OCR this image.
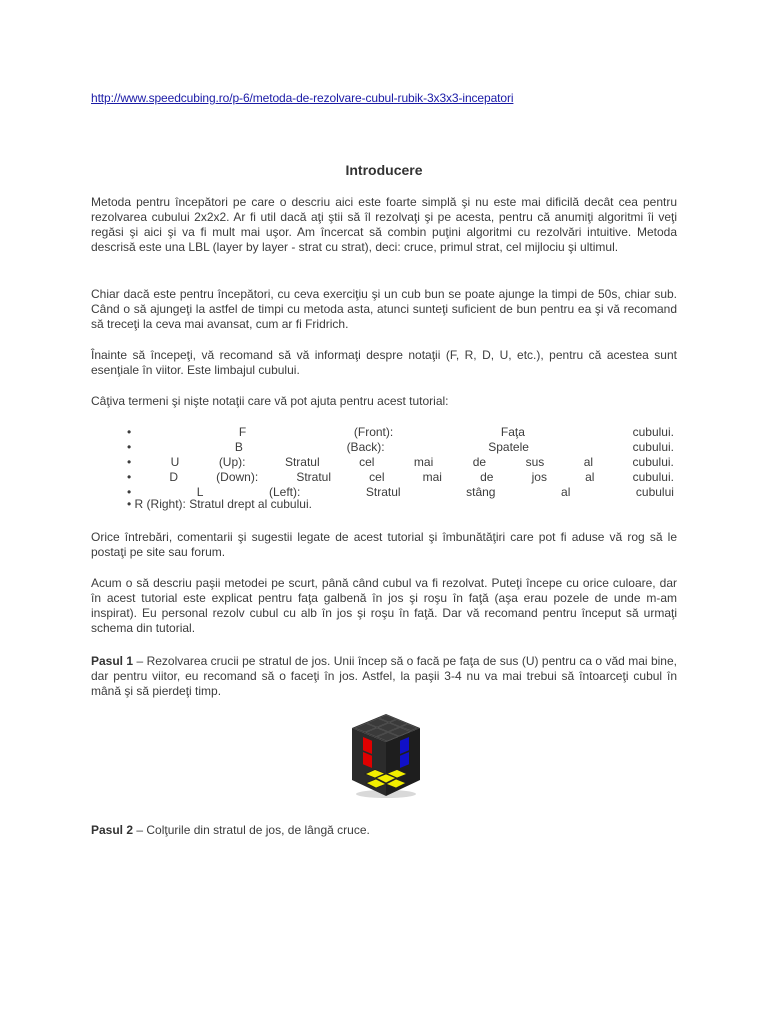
http://www.speedcubing.ro/p-6/metoda-de-rezolvare-cubul-rubik-3x3x3-incepatori
Introducere

Metoda pentru începători pe care o descriu aici este foarte simplă şi nu este mai dificilă decât cea pentru rezolvarea cubului 2x2x2. Ar fi util dacă aţi ştii să îl rezolvaţi şi pe acesta, pentru că anumiţi algoritmi îi veţi regăsi şi aici şi va fi mult mai uşor. Am încercat să combin puţini algoritmi cu rezolvări intuitive. Metoda descrisă este una LBL (layer by layer - strat cu strat), deci: cruce, primul strat, cel mijlociu şi ultimul.

Chiar dacă este pentru începători, cu ceva exerciţiu şi un cub bun se poate ajunge la timpi de 50s, chiar sub. Când o să ajungeţi la astfel de timpi cu metoda asta, atunci sunteţi suficient de bun pentru ea şi vă recomand să treceţi la ceva mai avansat, cum ar fi Fridrich.

Înainte să începeţi, vă recomand să vă informaţi despre notaţii (F, R, D, U, etc.), pentru că acestea sunt esenţiale în viitor. Este limbajul cubului.

Câţiva termeni şi nişte notaţii care vă pot ajuta pentru acest tutorial:

•	F	(Front):	Faţa	cubului.
•	B	(Back):	Spatele	cubului.
•	U	(Up):	Stratul	cel	mai	de	sus	al	cubului.
•	D	(Down):	Stratul	cel	mai	de	jos	al	cubului.
•	L	(Left):	Stratul	stâng	al	cubului
• R (Right): Stratul drept al cubului.

Orice întrebări, comentarii şi sugestii legate de acest tutorial şi îmbunătăţiri care pot fi aduse vă rog să le postaţi pe site sau forum.

Acum o să descriu paşii metodei pe scurt, până când cubul va fi rezolvat. Puteţi începe cu orice culoare, dar în acest tutorial este explicat pentru faţa galbenă în jos şi roşu în faţă (aşa erau pozele de unde m-am inspirat). Eu personal rezolv cubul cu alb în jos şi roşu în faţă. Dar vă recomand pentru început să urmaţi schema din tutorial.

Pasul 1 – Rezolvarea crucii pe stratul de jos. Unii încep să o facă pe faţa de sus (U) pentru ca o văd mai bine, dar pentru viitor, eu recomand să o faceţi în jos. Astfel, la paşii 3-4 nu va mai trebui să întoarceţi cubul în mână şi să pierdeţi timp.

Pasul 2 – Colţurile din stratul de jos, de lângă cruce.
